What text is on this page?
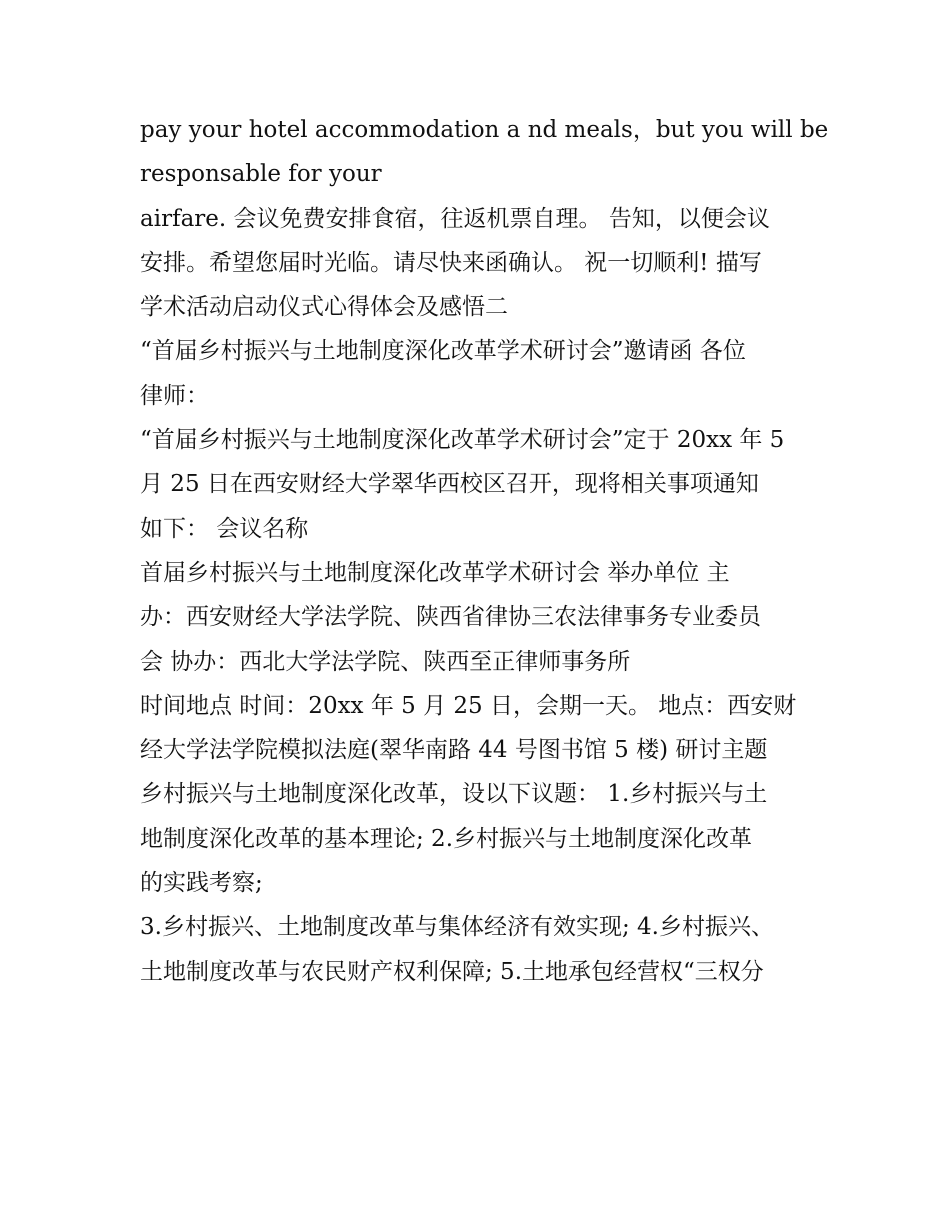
pay your hotel accommodation a nd meals，but you will be

responsable for your

airfare. 会议免费安排食宿，往返机票自理。 告知，以便会议

安排。希望您届时光临。请尽快来函确认。 祝一切顺利! 描写

学术活动启动仪式心得体会及感悟二

“首届乡村振兴与土地制度深化改革学术研讨会”邀请函 各位

律师：

“首届乡村振兴与土地制度深化改革学术研讨会”定于 20xx 年 5

月 25 日在西安财经大学翠华西校区召开，现将相关事项通知

如下： 会议名称

首届乡村振兴与土地制度深化改革学术研讨会 举办单位 主

办：西安财经大学法学院、陕西省律协三农法律事务专业委员

会 协办：西北大学法学院、陕西至正律师事务所

时间地点 时间：20xx 年 5 月 25 日，会期一天。 地点：西安财

经大学法学院模拟法庭(翠华南路 44 号图书馆 5 楼) 研讨主题

乡村振兴与土地制度深化改革，设以下议题： 1.乡村振兴与土

地制度深化改革的基本理论; 2.乡村振兴与土地制度深化改革

的实践考察;

3.乡村振兴、土地制度改革与集体经济有效实现; 4.乡村振兴、

土地制度改革与农民财产权利保障; 5.土地承包经营权“三权分
